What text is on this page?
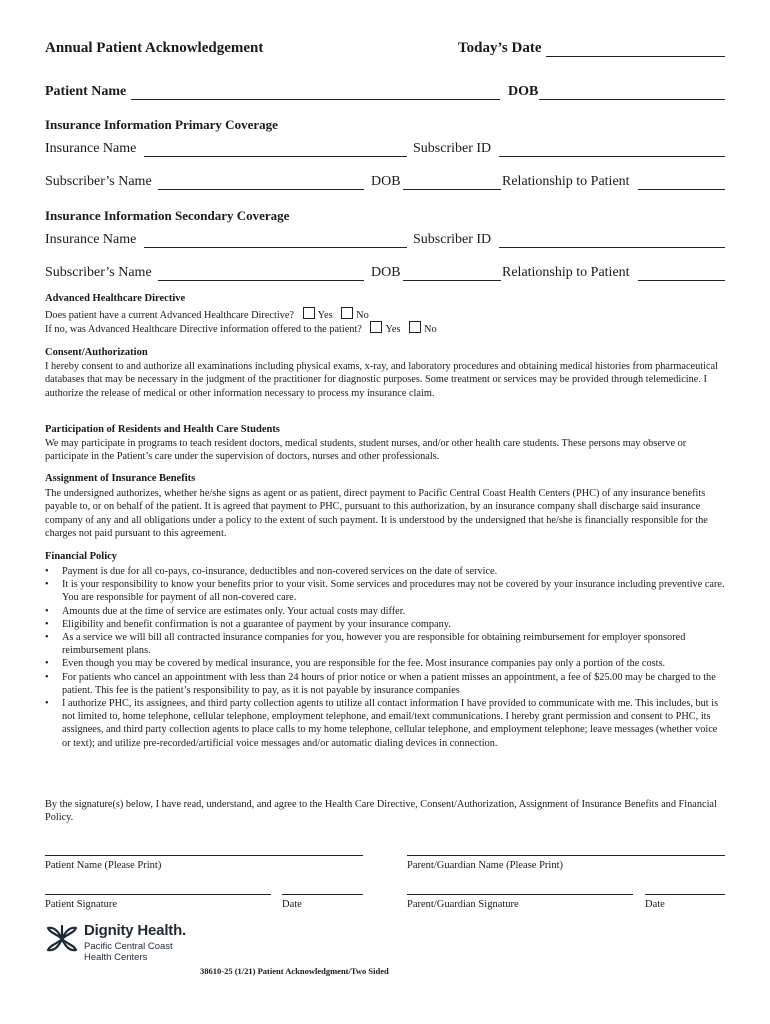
Annual Patient Acknowledgement	Today’s Date
Patient Name	DOB
Insurance Information Primary Coverage
Insurance Name	Subscriber ID
Subscriber’s Name	DOB	Relationship to Patient
Insurance Information Secondary Coverage
Insurance Name	Subscriber ID
Subscriber’s Name	DOB	Relationship to Patient
Advanced Healthcare Directive
Does patient have a current Advanced Healthcare Directive? Yes No
If no, was Advanced Healthcare Directive information offered to the patient? Yes No
Consent/Authorization
I hereby consent to and authorize all examinations including physical exams, x-ray, and laboratory procedures and obtaining medical histories from pharmaceutical databases that may be necessary in the judgment of the practitioner for diagnostic purposes. Some treatment or services may be provided through telemedicine. I authorize the release of medical or other information necessary to process my insurance claim.
Participation of Residents and Health Care Students
We may participate in programs to teach resident doctors, medical students, student nurses, and/or other health care students. These persons may observe or participate in the Patient’s care under the supervision of doctors, nurses and other professionals.
Assignment of Insurance Benefits
The undersigned authorizes, whether he/she signs as agent or as patient, direct payment to Pacific Central Coast Health Centers (PHC) of any insurance benefits payable to, or on behalf of the patient. It is agreed that payment to PHC, pursuant to this authorization, by an insurance company shall discharge said insurance company of any and all obligations under a policy to the extent of such payment. It is understood by the undersigned that he/she is financially responsible for the charges not paid pursuant to this agreement.
Financial Policy
• Payment is due for all co-pays, co-insurance, deductibles and non-covered services on the date of service.
• It is your responsibility to know your benefits prior to your visit. Some services and procedures may not be covered by your insurance including preventive care. You are responsible for payment of all non-covered care.
• Amounts due at the time of service are estimates only. Your actual costs may differ.
• Eligibility and benefit confirmation is not a guarantee of payment by your insurance company.
• As a service we will bill all contracted insurance companies for you, however you are responsible for obtaining reimbursement for employer sponsored reimbursement plans.
• Even though you may be covered by medical insurance, you are responsible for the fee. Most insurance companies pay only a portion of the costs.
• For patients who cancel an appointment with less than 24 hours of prior notice or when a patient misses an appointment, a fee of $25.00 may be charged to the patient. This fee is the patient’s responsibility to pay, as it is not payable by insurance companies
• I authorize PHC, its assignees, and third party collection agents to utilize all contact information I have provided to communicate with me. This includes, but is not limited to, home telephone, cellular telephone, employment telephone, and email/text communications. I hereby grant permission and consent to PHC, its assignees, and third party collection agents to place calls to my home telephone, cellular telephone, and employment telephone; leave messages (whether voice or text); and utilize pre-recorded/artificial voice messages and/or automatic dialing devices in connection.
By the signature(s) below, I have read, understand, and agree to the Health Care Directive, Consent/Authorization, Assignment of Insurance Benefits and Financial Policy.
Patient Name (Please Print)	Parent/Guardian Name (Please Print)
Patient Signature	Date	Parent/Guardian Signature	Date
Dignity Health.
Pacific Central Coast
Health Centers
38610-25 (1/21) Patient Acknowledgment/Two Sided
